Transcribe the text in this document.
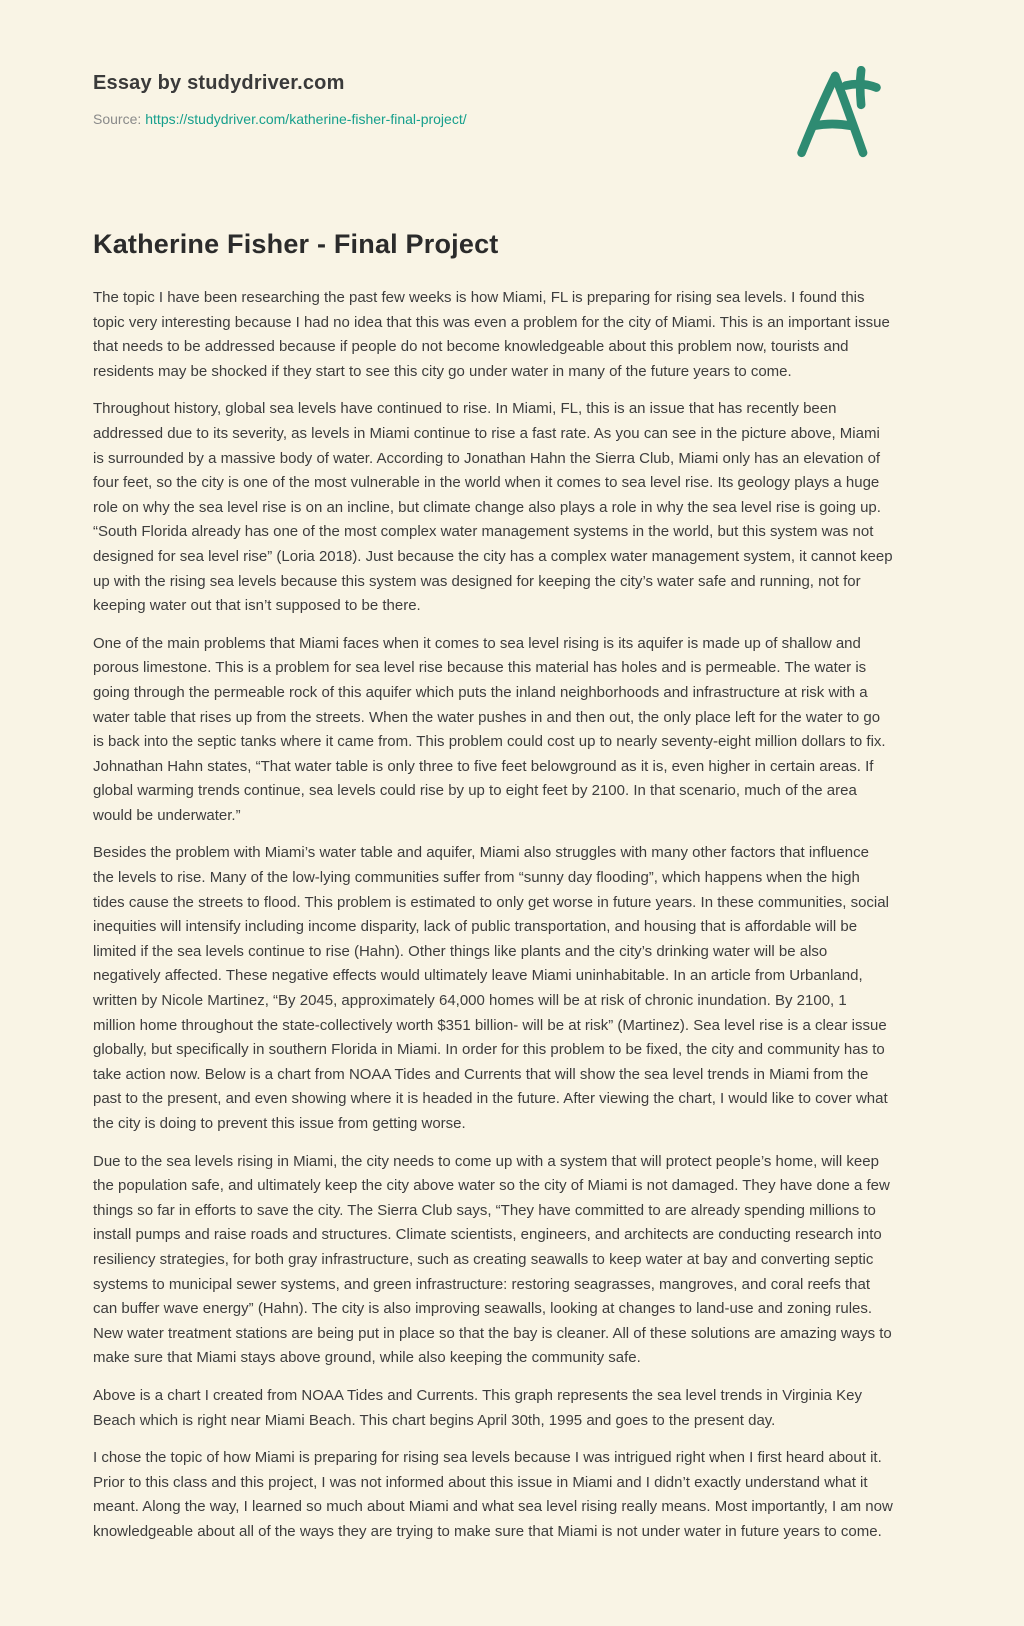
Essay by studydriver.com

Source: https://studydriver.com/katherine-fisher-final-project/

Katherine Fisher - Final Project

The topic I have been researching the past few weeks is how Miami, FL is preparing for rising sea levels. I found this topic very interesting because I had no idea that this was even a problem for the city of Miami. This is an important issue that needs to be addressed because if people do not become knowledgeable about this problem now, tourists and residents may be shocked if they start to see this city go under water in many of the future years to come.

Throughout history, global sea levels have continued to rise. In Miami, FL, this is an issue that has recently been addressed due to its severity, as levels in Miami continue to rise a fast rate. As you can see in the picture above, Miami is surrounded by a massive body of water. According to Jonathan Hahn the Sierra Club, Miami only has an elevation of four feet, so the city is one of the most vulnerable in the world when it comes to sea level rise. Its geology plays a huge role on why the sea level rise is on an incline, but climate change also plays a role in why the sea level rise is going up. “South Florida already has one of the most complex water management systems in the world, but this system was not designed for sea level rise” (Loria 2018). Just because the city has a complex water management system, it cannot keep up with the rising sea levels because this system was designed for keeping the city’s water safe and running, not for keeping water out that isn’t supposed to be there.

One of the main problems that Miami faces when it comes to sea level rising is its aquifer is made up of shallow and porous limestone. This is a problem for sea level rise because this material has holes and is permeable. The water is going through the permeable rock of this aquifer which puts the inland neighborhoods and infrastructure at risk with a water table that rises up from the streets. When the water pushes in and then out, the only place left for the water to go is back into the septic tanks where it came from. This problem could cost up to nearly seventy-eight million dollars to fix. Johnathan Hahn states, “That water table is only three to five feet belowground as it is, even higher in certain areas. If global warming trends continue, sea levels could rise by up to eight feet by 2100. In that scenario, much of the area would be underwater.”

Besides the problem with Miami’s water table and aquifer, Miami also struggles with many other factors that influence the levels to rise. Many of the low-lying communities suffer from “sunny day flooding”, which happens when the high tides cause the streets to flood. This problem is estimated to only get worse in future years. In these communities, social inequities will intensify including income disparity, lack of public transportation, and housing that is affordable will be limited if the sea levels continue to rise (Hahn). Other things like plants and the city’s drinking water will be also negatively affected. These negative effects would ultimately leave Miami uninhabitable. In an article from Urbanland, written by Nicole Martinez, “By 2045, approximately 64,000 homes will be at risk of chronic inundation. By 2100, 1 million home throughout the state-collectively worth $351 billion- will be at risk” (Martinez). Sea level rise is a clear issue globally, but specifically in southern Florida in Miami. In order for this problem to be fixed, the city and community has to take action now. Below is a chart from NOAA Tides and Currents that will show the sea level trends in Miami from the past to the present, and even showing where it is headed in the future. After viewing the chart, I would like to cover what the city is doing to prevent this issue from getting worse.

Due to the sea levels rising in Miami, the city needs to come up with a system that will protect people’s home, will keep the population safe, and ultimately keep the city above water so the city of Miami is not damaged. They have done a few things so far in efforts to save the city. The Sierra Club says, “They have committed to are already spending millions to install pumps and raise roads and structures. Climate scientists, engineers, and architects are conducting research into resiliency strategies, for both gray infrastructure, such as creating seawalls to keep water at bay and converting septic systems to municipal sewer systems, and green infrastructure: restoring seagrasses, mangroves, and coral reefs that can buffer wave energy” (Hahn). The city is also improving seawalls, looking at changes to land-use and zoning rules. New water treatment stations are being put in place so that the bay is cleaner. All of these solutions are amazing ways to make sure that Miami stays above ground, while also keeping the community safe.

Above is a chart I created from NOAA Tides and Currents. This graph represents the sea level trends in Virginia Key Beach which is right near Miami Beach. This chart begins April 30th, 1995 and goes to the present day.

I chose the topic of how Miami is preparing for rising sea levels because I was intrigued right when I first heard about it. Prior to this class and this project, I was not informed about this issue in Miami and I didn’t exactly understand what it meant. Along the way, I learned so much about Miami and what sea level rising really means. Most importantly, I am now knowledgeable about all of the ways they are trying to make sure that Miami is not under water in future years to come.
